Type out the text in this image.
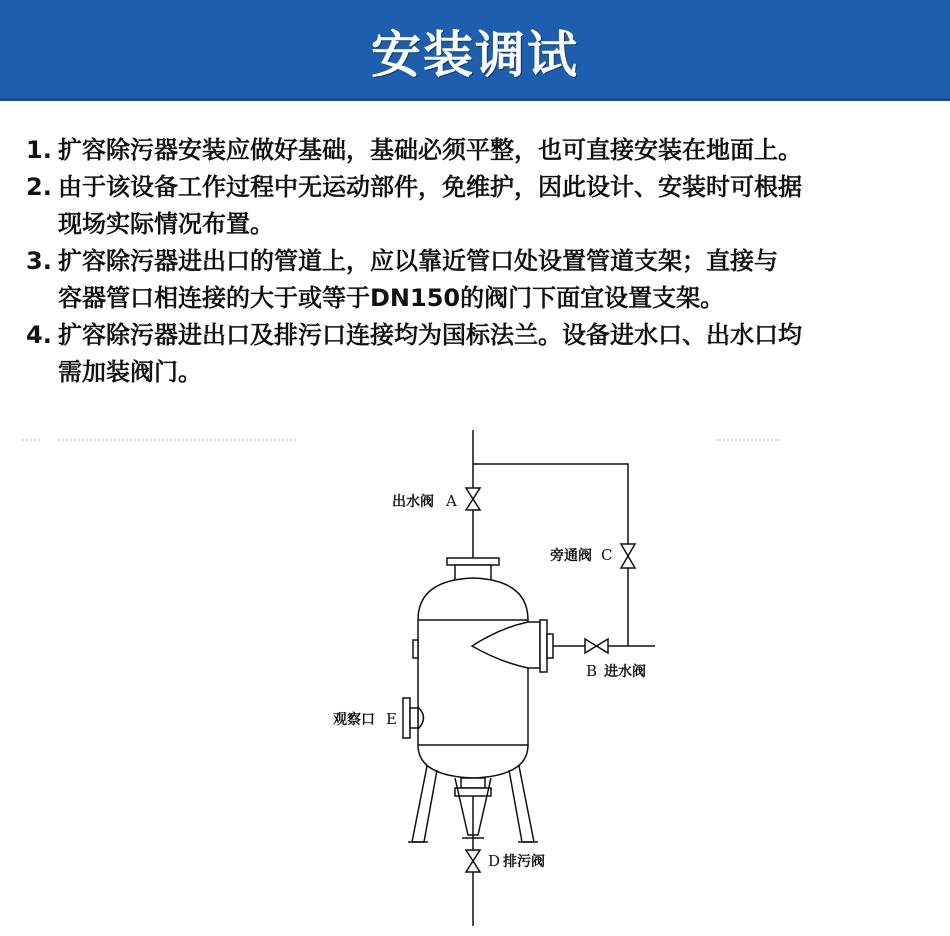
安装调试
1. 扩容除污器安装应做好基础，基础必须平整，也可直接安装在地面上。
2. 由于该设备工作过程中无运动部件，免维护，因此设计、安装时可根据
现场实际情况布置。
3. 扩容除污器进出口的管道上，应以靠近管口处设置管道支架；直接与
容器管口相连接的大于或等于DN150的阀门下面宜设置支架。
4. 扩容除污器进出口及排污口连接均为国标法兰。设备进水口、出水口均
需加装阀门。
出水阀 A
旁通阀 C
B 进水阀
观察口 E
D 排污阀
